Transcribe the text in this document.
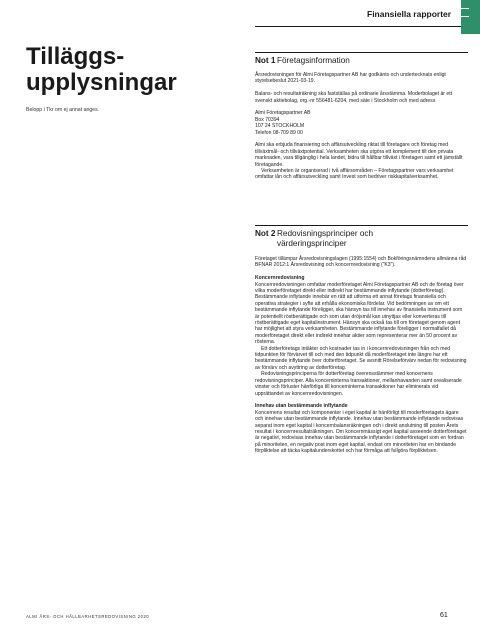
Finansiella rapporter
Tilläggs-
upplysningar
Belopp i Tkr om ej annat anges.
Not 1 Företagsinformation

Årsredovisningen för Almi Företagspartner AB har godkänts och undertecknats enligt styrelsebeslut 2021-03-19.

Balans- och resultaträkning ska fastställas på ordinarie årsstämma. Moderbolaget är ett svenskt aktiebolag, org.-nr 556481-6204, med säte i Stockholm och med adress

Almi Företagspartner AB

Box 70394

107 24 STOCKHOLM

Telefon 08-709 89 00

Almi ska erbjuda finansiering och affärsutveckling riktat till företagare och företag med tillväxtmål- och tillväxtpotential. Verksamheten ska utgöra ett komplement till den privata marknaden, vara tillgänglig i hela landet, bidra till hållbar tillväxt i företagen samt ett jämställt företagande.

Verksamheten är organiserad i två affärsområden – Företagspartner vars verksamhet omfattar lån och affärsutveckling samt Invest som bedriver riskkapitalverksamhet.

Not 2 Redovisningsprinciper och
värderingsprinciper

Företaget tillämpar Årsredovisningslagen (1995:1554) och Bokföringsnämndens allmänna råd BFNAR 2012:1 Årsredovisning och koncernredovisning (”K3”).

Koncernredovisning

Koncernredovisningen omfattar moderföretaget Almi Företagspartner AB och de företag över vilka moderföretaget direkt eller indirekt har bestämmande inflytande (dotterföretag). Bestämmande inflytande innebär en rätt att utforma ett annat företags finansiella och operativa strategier i syfte att erhålla ekonomiska fördelar. Vid bedömningen av om ett bestämmande inflytande föreligger, ska hänsyn tas till innehav av finansiella instrument som är potentiellt röstberättigade och som utan dröjsmål kan utnyttjas eller konverteras till röstberättigade eget kapitalinstrument. Hänsyn ska också tas till om företaget genom agent har möjlighet att styra verksamheten. Bestämmande inflytande föreligger i normalfallet då moderföretaget direkt eller indirekt innehar aktier som representerar mer än 50 procent av rösterna.

Ett dotterföretags intäkter och kostnader tas in i koncernredovisningen från och med tidpunkten för förvärvet till och med den tidpunkt då moderföretaget inte längre har ett bestämmande inflytande över dotterföretaget. Se avsnitt Rörelseförvärv nedan för redovisning av förvärv och avyttring av dotterföretag.

Redovisningsprinciperna för dotterföretag överensstämmer med koncernens redovisningsprinciper. Alla koncerninterna transaktioner, mellanhavanden samt orealiserade vinster och förluster hänförliga till koncerninterna transaktioner har eliminerats vid upprättandet av koncernredovisningen.

Innehav utan bestämmande inflytande

Koncernens resultat och komponenter i eget kapital är hänförligt till moderföretagets ägare och innehav utan bestämmande inflytande. Innehav utan bestämmande inflytande redovisas separat inom eget kapital i koncernbalansräkningen och i direkt anslutning till posten Årets resultat i koncernresultaträkningen. Om koncernmässigt eget kapital avseende dotterföretaget är negativt, redovisas innehav utan bestämmande inflytande i dotterföretaget som en fordran på minoriteten, en negativ post inom eget kapital, endast om minoriteten har en bindande förpliktelse att täcka kapitalunderskottet och har förmåga att fullgöra förpliktelsen.

ALMI ÅRS- OCH HÅLLBARHETSREDOVISNING 2020	61
